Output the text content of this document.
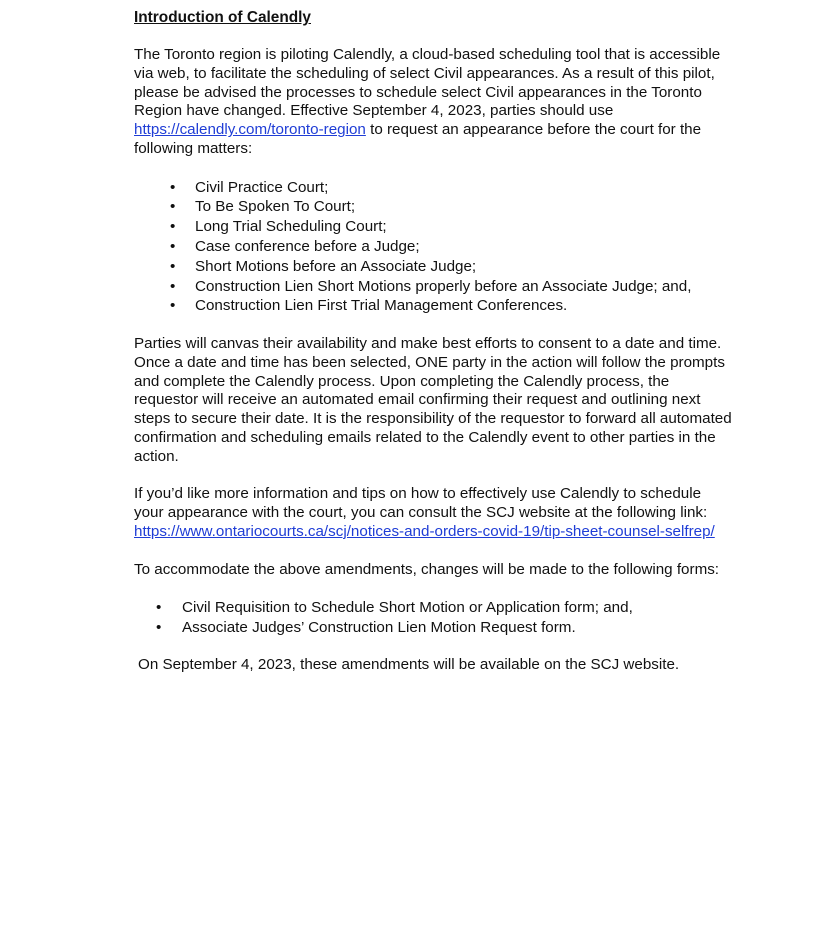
Introduction of Calendly

The Toronto region is piloting Calendly, a cloud-based scheduling tool that is accessible via web, to facilitate the scheduling of select Civil appearances. As a result of this pilot, please be advised the processes to schedule select Civil appearances in the Toronto Region have changed. Effective September 4, 2023, parties should use https://calendly.com/toronto-region to request an appearance before the court for the following matters:

• Civil Practice Court;
• To Be Spoken To Court;
• Long Trial Scheduling Court;
• Case conference before a Judge;
• Short Motions before an Associate Judge;
• Construction Lien Short Motions properly before an Associate Judge; and,
• Construction Lien First Trial Management Conferences.

Parties will canvas their availability and make best efforts to consent to a date and time. Once a date and time has been selected, ONE party in the action will follow the prompts and complete the Calendly process. Upon completing the Calendly process, the requestor will receive an automated email confirming their request and outlining next steps to secure their date. It is the responsibility of the requestor to forward all automated confirmation and scheduling emails related to the Calendly event to other parties in the action.

If you’d like more information and tips on how to effectively use Calendly to schedule your appearance with the court, you can consult the SCJ website at the following link: https://www.ontariocourts.ca/scj/notices-and-orders-covid-19/tip-sheet-counsel-selfrep/

To accommodate the above amendments, changes will be made to the following forms:

• Civil Requisition to Schedule Short Motion or Application form; and,
• Associate Judges’ Construction Lien Motion Request form.

On September 4, 2023, these amendments will be available on the SCJ website.
